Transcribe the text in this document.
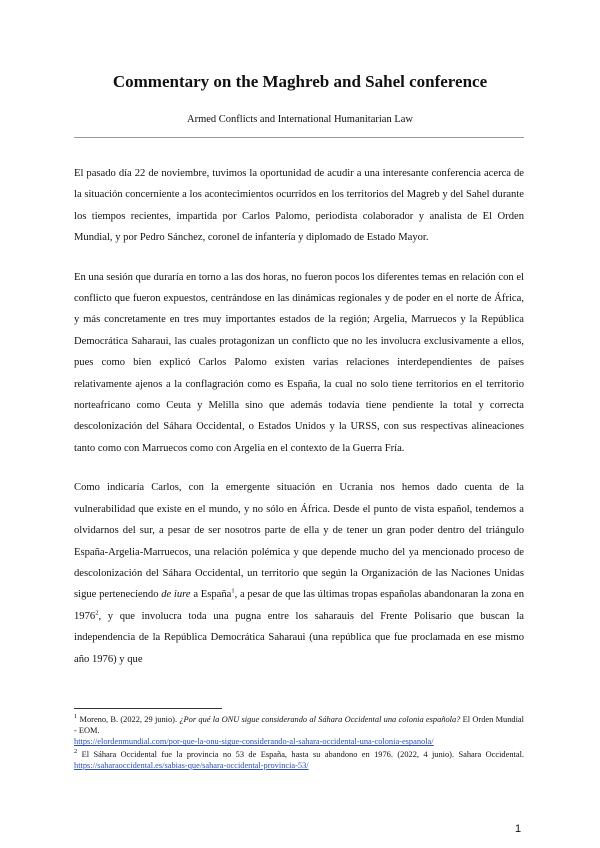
Commentary on the Maghreb and Sahel conference

Armed Conflicts and International Humanitarian Law

El pasado día 22 de noviembre, tuvimos la oportunidad de acudir a una interesante conferencia acerca de la situación concerniente a los acontecimientos ocurridos en los territorios del Magreb y del Sahel durante los tiempos recientes, impartida por Carlos Palomo, periodista colaborador y analista de El Orden Mundial, y por Pedro Sánchez, coronel de infantería y diplomado de Estado Mayor.

En una sesión que duraría en torno a las dos horas, no fueron pocos los diferentes temas en relación con el conflicto que fueron expuestos, centrándose en las dinámicas regionales y de poder en el norte de África, y más concretamente en tres muy importantes estados de la región; Argelia, Marruecos y la República Democrática Saharaui, las cuales protagonizan un conflicto que no les involucra exclusivamente a ellos, pues como bien explicó Carlos Palomo existen varias relaciones interdependientes de países relativamente ajenos a la conflagración como es España, la cual no solo tiene territorios en el territorio norteafricano como Ceuta y Melilla sino que además todavía tiene pendiente la total y correcta descolonización del Sáhara Occidental, o Estados Unidos y la URSS, con sus respectivas alineaciones tanto como con Marruecos como con Argelia en el contexto de la Guerra Fría.

Como indicaría Carlos, con la emergente situación en Ucrania nos hemos dado cuenta de la vulnerabilidad que existe en el mundo, y no sólo en África. Desde el punto de vista español, tendemos a olvidarnos del sur, a pesar de ser nosotros parte de ella y de tener un gran poder dentro del triángulo España-Argelia-Marruecos, una relación polémica y que depende mucho del ya mencionado proceso de descolonización del Sáhara Occidental, un territorio que según la Organización de las Naciones Unidas sigue perteneciendo de iure a España$^1$, a pesar de que las últimas tropas españolas abandonaran la zona en 1976$^2$, y que involucra toda una pugna entre los saharauis del Frente Polisario que buscan la independencia de la República Democrática Saharaui (una república que fue proclamada en ese mismo año 1976) y que

$^1$ Moreno, B. (2022, 29 junio). ¿Por qué la ONU sigue considerando al Sáhara Occidental una colonia española? El Orden Mundial - EOM.
https://elordenmundial.com/por-que-la-onu-sigue-considerando-al-sahara-occidental-una-colonia-espanola/

$^2$ El Sáhara Occidental fue la provincia no 53 de España, hasta su abandono en 1976. (2022, 4 junio). Sahara Occidental. https://saharaoccidental.es/sabias-que/sahara-occidental-provincia-53/

1
